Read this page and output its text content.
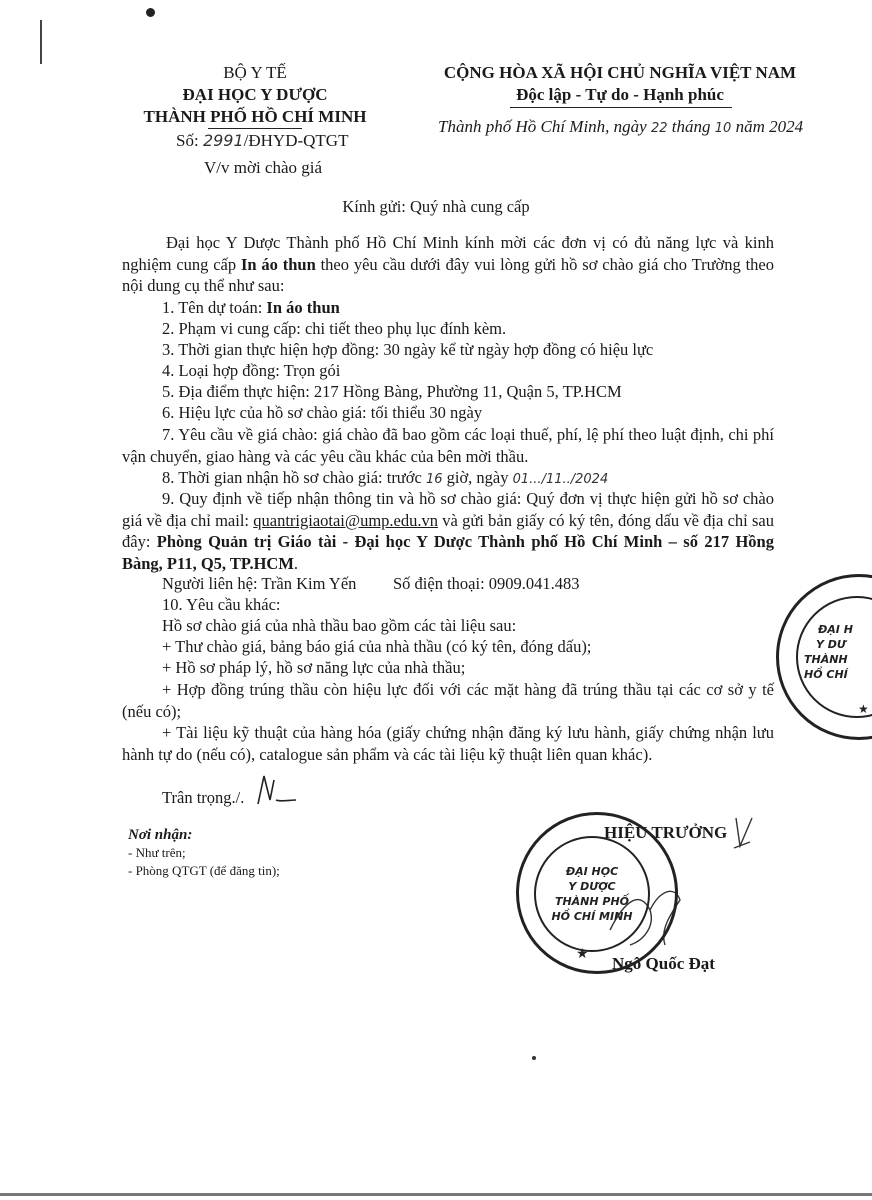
BỘ Y TẾ
ĐẠI HỌC Y DƯỢC
THÀNH PHỐ HỒ CHÍ MINH
Số: 2991/ĐHYD-QTGT
V/v mời chào giá
CỘNG HÒA XÃ HỘI CHỦ NGHĨA VIỆT NAM
Độc lập - Tự do - Hạnh phúc
Thành phố Hồ Chí Minh, ngày 22 tháng 10 năm 2024
Kính gửi: Quý nhà cung cấp
Đại học Y Dược Thành phố Hồ Chí Minh kính mời các đơn vị có đủ năng lực và kinh nghiệm cung cấp In áo thun theo yêu cầu dưới đây vui lòng gửi hồ sơ chào giá cho Trường theo nội dung cụ thể như sau:
1. Tên dự toán: In áo thun
2. Phạm vi cung cấp: chi tiết theo phụ lục đính kèm.
3. Thời gian thực hiện hợp đồng: 30 ngày kể từ ngày hợp đồng có hiệu lực
4. Loại hợp đồng: Trọn gói
5. Địa điểm thực hiện: 217 Hồng Bàng, Phường 11, Quận 5, TP.HCM
6. Hiệu lực của hồ sơ chào giá: tối thiểu 30 ngày
7. Yêu cầu về giá chào: giá chào đã bao gồm các loại thuế, phí, lệ phí theo luật định, chi phí vận chuyển, giao hàng và các yêu cầu khác của bên mời thầu.
8. Thời gian nhận hồ sơ chào giá: trước 16 giờ, ngày 01.../11../2024
9. Quy định về tiếp nhận thông tin và hồ sơ chào giá: Quý đơn vị thực hiện gửi hồ sơ chào giá về địa chỉ mail: quantrigiaotai@ump.edu.vn và gửi bản giấy có ký tên, đóng dấu về địa chỉ sau đây: Phòng Quản trị Giáo tài - Đại học Y Dược Thành phố Hồ Chí Minh – số 217 Hồng Bàng, P11, Q5, TP.HCM.
Người liên hệ: Trần Kim Yến Số điện thoại: 0909.041.483
10. Yêu cầu khác:
Hồ sơ chào giá của nhà thầu bao gồm các tài liệu sau:
+ Thư chào giá, bảng báo giá của nhà thầu (có ký tên, đóng dấu);
+ Hồ sơ pháp lý, hồ sơ năng lực của nhà thầu;
+ Hợp đồng trúng thầu còn hiệu lực đối với các mặt hàng đã trúng thầu tại các cơ sở y tế (nếu có);
+ Tài liệu kỹ thuật của hàng hóa (giấy chứng nhận đăng ký lưu hành, giấy chứng nhận lưu hành tự do (nếu có), catalogue sản phẩm và các tài liệu kỹ thuật liên quan khác).
Trân trọng./.
Nơi nhận:
- Như trên;
- Phòng QTGT (để đăng tin);
HIỆU TRƯỞNG
Ngô Quốc Đạt
ĐẠI HỌC
Y DƯỢC
THÀNH PHỐ
HỒ CHÍ MINH
★
ĐẠI H
Y DƯ
THÀNH
HỒ CHÍ
★
